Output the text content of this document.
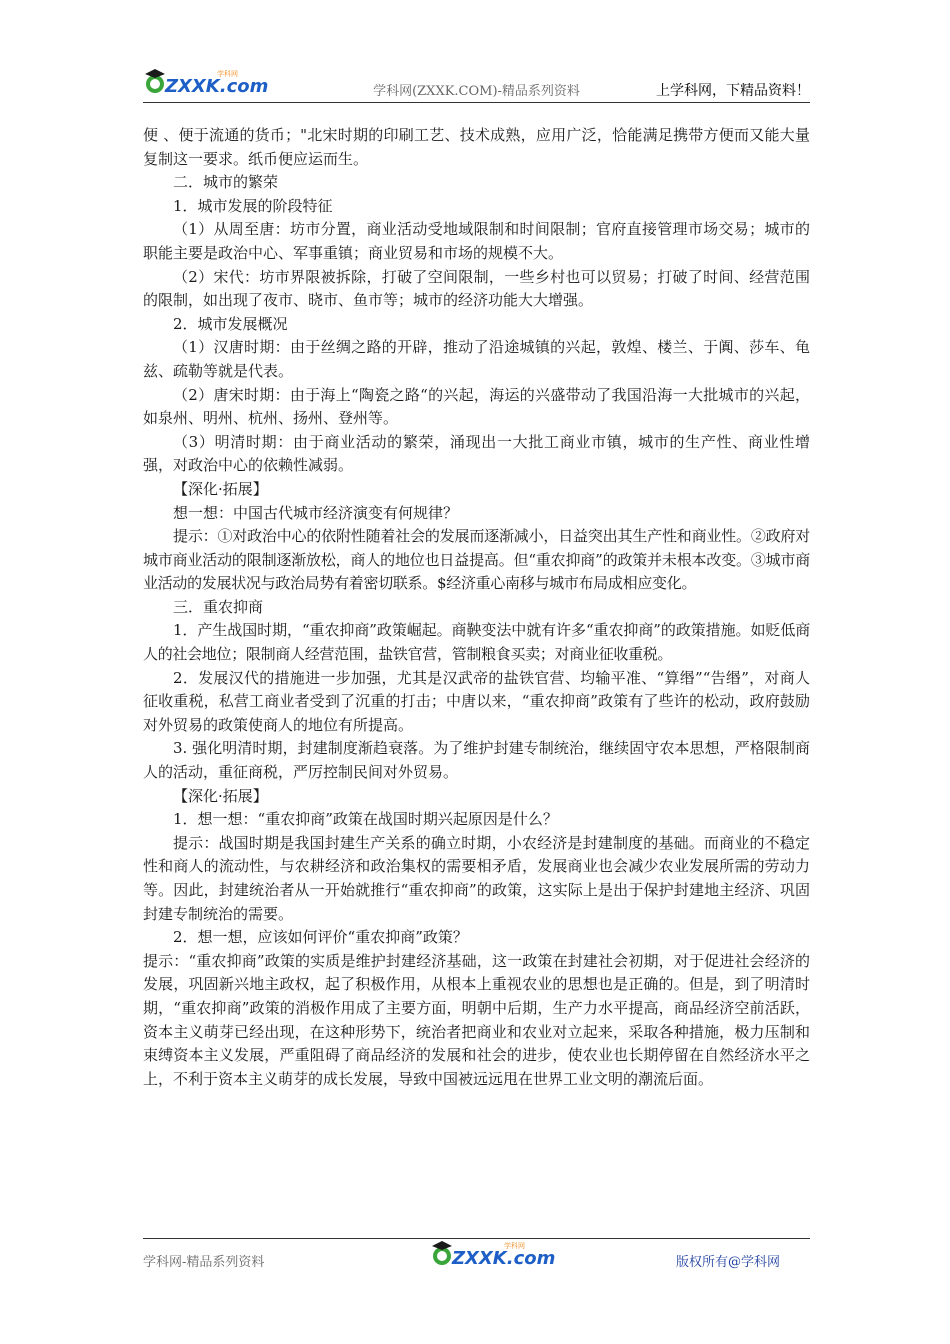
ZXXK.com
学科网
学科网(ZXXK.COM)-精品系列资料	上学科网，下精品资料！

便 、便于流通的货币；"北宋时期的印刷工艺、技术成熟，应用广泛，恰能满足携带方便而又能大量复制这一要求。纸币便应运而生。

二．城市的繁荣

1．城市发展的阶段特征

（1）从周至唐：坊市分置，商业活动受地域限制和时间限制；官府直接管理市场交易；城市的职能主要是政治中心、军事重镇；商业贸易和市场的规模不大。

（2）宋代：坊市界限被拆除，打破了空间限制，一些乡村也可以贸易；打破了时间、经营范围的限制，如出现了夜市、晓市、鱼市等；城市的经济功能大大增强。

2．城市发展概况

（1）汉唐时期：由于丝绸之路的开辟，推动了沿途城镇的兴起，敦煌、楼兰、于阗、莎车、龟兹、疏勒等就是代表。

（2）唐宋时期：由于海上“陶瓷之路“的兴起，海运的兴盛带动了我国沿海一大批城市的兴起，如泉州、明州、杭州、扬州、登州等。

（3）明清时期：由于商业活动的繁荣，涌现出一大批工商业市镇，城市的生产性、商业性增强，对政治中心的依赖性减弱。

【深化·拓展】

想一想：中国古代城市经济演变有何规律？

提示：①对政治中心的依附性随着社会的发展而逐渐减小，日益突出其生产性和商业性。②政府对城市商业活动的限制逐渐放松，商人的地位也日益提高。但“重农抑商”的政策并未根本改变。③城市商业活动的发展状况与政治局势有着密切联系。$经济重心南移与城市布局成相应变化。

三．重农抑商

1．产生战国时期，“重农抑商”政策崛起。商鞅变法中就有许多“重农抑商”的政策措施。如贬低商人的社会地位；限制商人经营范围，盐铁官营，管制粮食买卖；对商业征收重税。

2．发展汉代的措施进一步加强，尤其是汉武帝的盐铁官营、均输平准、“算缗”“告缗”，对商人征收重税，私营工商业者受到了沉重的打击；中唐以来，“重农抑商”政策有了些许的松动，政府鼓励对外贸易的政策使商人的地位有所提高。

3. 强化明清时期，封建制度渐趋衰落。为了维护封建专制统治，继续固守农本思想，严格限制商人的活动，重征商税，严厉控制民间对外贸易。

【深化·拓展】

1．想一想：“重农抑商”政策在战国时期兴起原因是什么？

提示：战国时期是我国封建生产关系的确立时期，小农经济是封建制度的基础。而商业的不稳定性和商人的流动性，与农耕经济和政治集权的需要相矛盾，发展商业也会减少农业发展所需的劳动力等。因此，封建统治者从一开始就推行“重农抑商”的政策，这实际上是出于保护封建地主经济、巩固封建专制统治的需要。

2．想一想，应该如何评价“重农抑商”政策？

提示：“重农抑商”政策的实质是维护封建经济基础，这一政策在封建社会初期，对于促进社会经济的发展，巩固新兴地主政权，起了积极作用，从根本上重视农业的思想也是正确的。但是，到了明清时期，“重农抑商”政策的消极作用成了主要方面，明朝中后期，生产力水平提高，商品经济空前活跃，资本主义萌芽已经出现，在这种形势下，统治者把商业和农业对立起来，采取各种措施，极力压制和束缚资本主义发展，严重阻碍了商品经济的发展和社会的进步，使农业也长期停留在自然经济水平之上，不利于资本主义萌芽的成长发展，导致中国被远远甩在世界工业文明的潮流后面。

学科网-精品系列资料	ZXXK.com
学科网
版权所有@学科网
